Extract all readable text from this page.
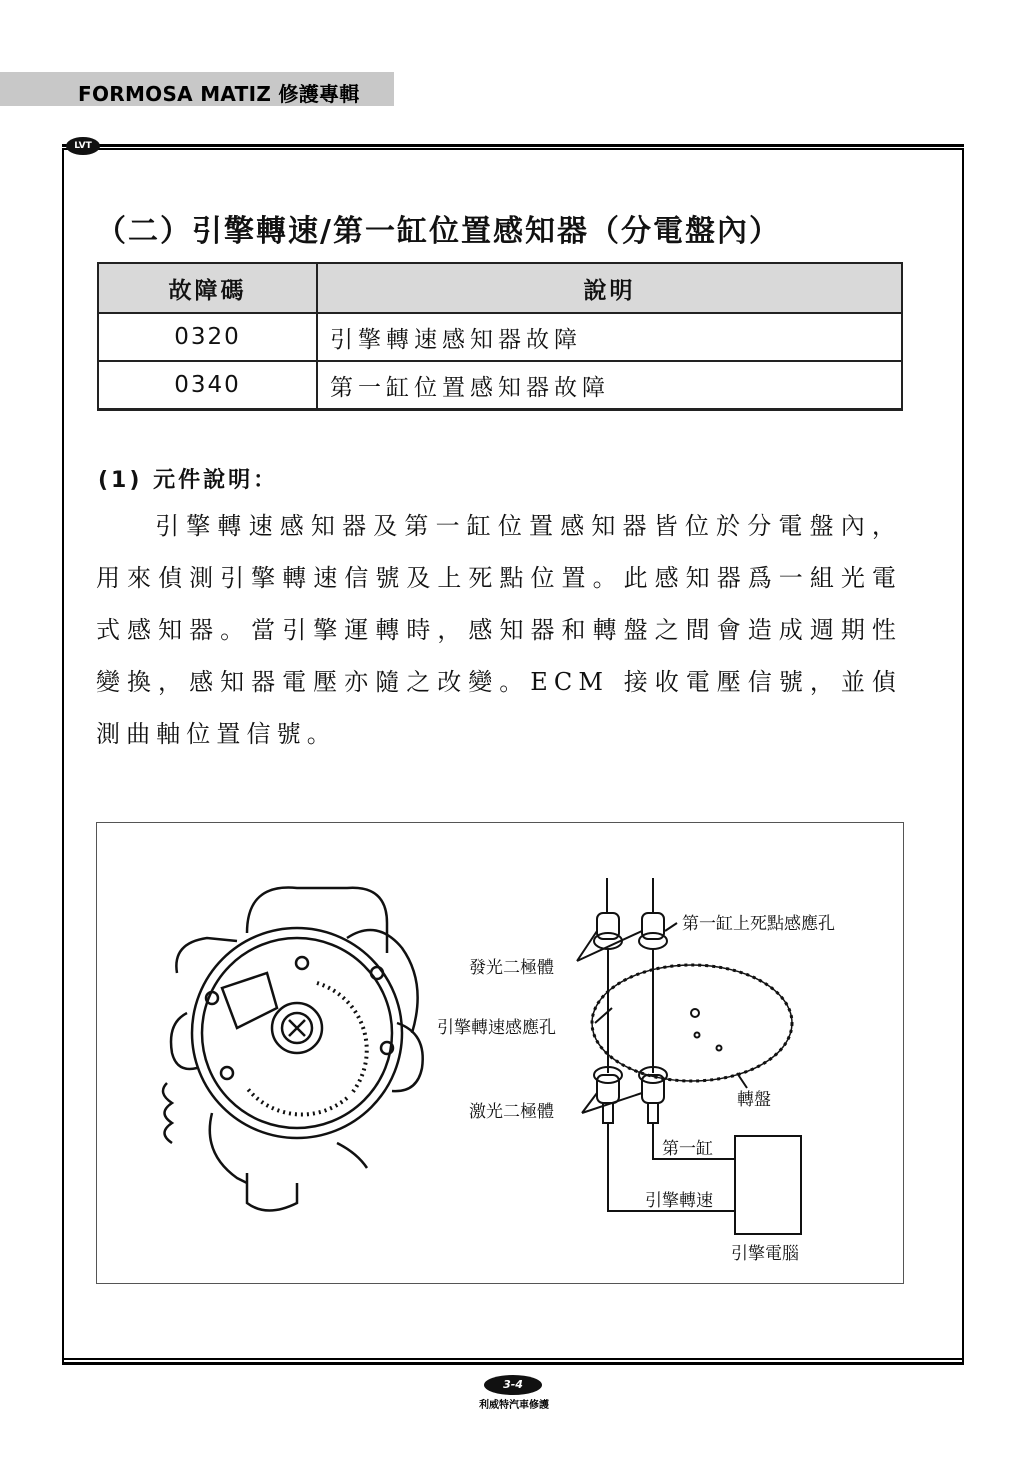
FORMOSA MATIZ 修護專輯
LVT
（二）引擎轉速/第一缸位置感知器（分電盤內）
故障碼	說明
0320	引擎轉速感知器故障
0340	第一缸位置感知器故障
(1) 元件說明：
引擎轉速感知器及第一缸位置感知器皆位於分電盤內，用來偵測引擎轉速信號及上死點位置。此感知器爲一組光電式感知器。當引擎運轉時，感知器和轉盤之間會造成週期性變換，感知器電壓亦隨之改變。ECM 接收電壓信號，並偵測曲軸位置信號。
第一缸上死點感應孔
發光二極體
引擎轉速感應孔
轉盤
激光二極體
第一缸
引擎轉速
引擎電腦
3-4
利威特汽車修護
